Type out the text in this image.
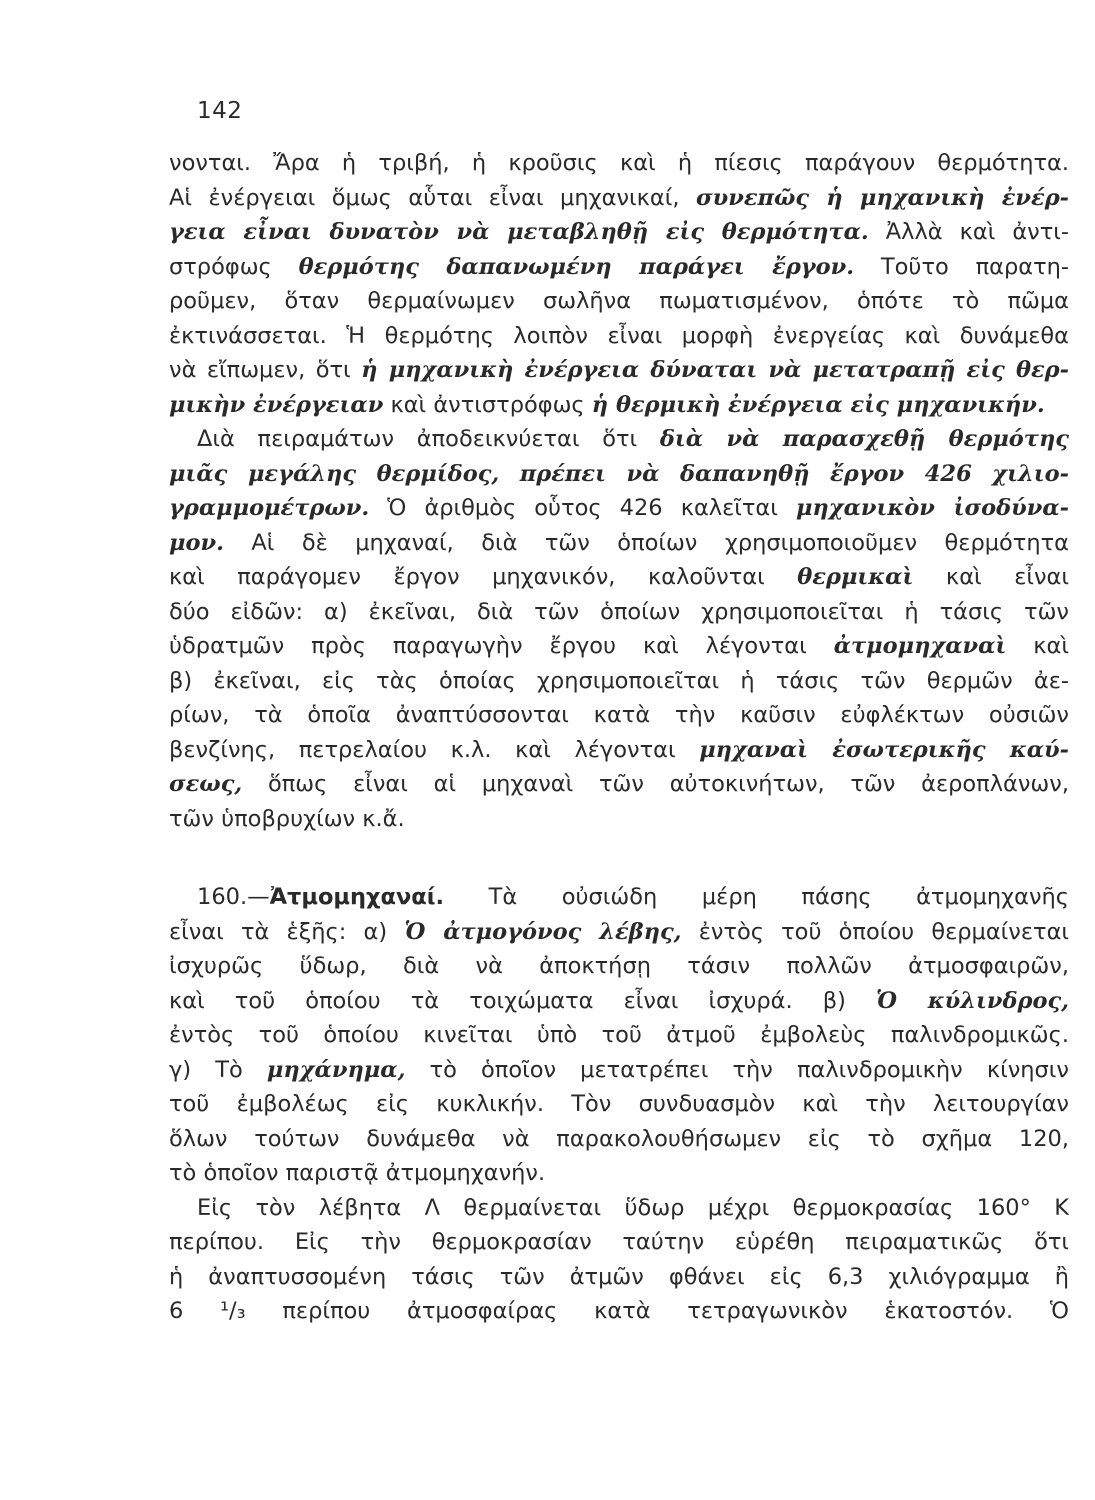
142
νονται. Ἄρα ἡ τριβή, ἡ κροῦσις καὶ ἡ πίεσις παράγουν θερμότητα.
Αἱ ἐνέργειαι ὅμως αὗται εἶναι μηχανικαί, συνεπῶς ἡ μηχανικὴ ἐνέρ-
γεια εἶναι δυνατὸν νὰ μεταβληθῇ εἰς θερμότητα. Ἀλλὰ καὶ ἀντι-
στρόφως θερμότης δαπανωμένη παράγει ἔργον. Τοῦτο παρατη-
ροῦμεν, ὅταν θερμαίνωμεν σωλῆνα πωματισμένον, ὁπότε τὸ πῶμα
ἐκτινάσσεται. Ἡ θερμότης λοιπὸν εἶναι μορφὴ ἐνεργείας καὶ δυνάμεθα
νὰ εἴπωμεν, ὅτι ἡ μηχανικὴ ἐνέργεια δύναται νὰ μετατραπῇ εἰς θερ-
μικὴν ἐνέργειαν καὶ ἀντιστρόφως ἡ θερμικὴ ἐνέργεια εἰς μηχανικήν.
Διὰ πειραμάτων ἀποδεικνύεται ὅτι διὰ νὰ παρασχεθῇ θερμότης
μιᾶς μεγάλης θερμίδος, πρέπει νὰ δαπανηθῇ ἔργον 426 χιλιο-
γραμμομέτρων. Ὁ ἀριθμὸς οὗτος 426 καλεῖται μηχανικὸν ἰσοδύνα-
μον. Αἱ δὲ μηχαναί, διὰ τῶν ὁποίων χρησιμοποιοῦμεν θερμότητα
καὶ παράγομεν ἔργον μηχανικόν, καλοῦνται θερμικαὶ καὶ εἶναι
δύο εἰδῶν: α) ἐκεῖναι, διὰ τῶν ὁποίων χρησιμοποιεῖται ἡ τάσις τῶν
ὑδρατμῶν πρὸς παραγωγὴν ἔργου καὶ λέγονται ἀτμομηχαναὶ καὶ
β) ἐκεῖναι, εἰς τὰς ὁποίας χρησιμοποιεῖται ἡ τάσις τῶν θερμῶν ἀε-
ρίων, τὰ ὁποῖα ἀναπτύσσονται κατὰ τὴν καῦσιν εὐφλέκτων οὐσιῶν
βενζίνης, πετρελαίου κ.λ. καὶ λέγονται μηχαναὶ ἐσωτερικῆς καύ-
σεως, ὅπως εἶναι αἱ μηχαναὶ τῶν αὐτοκινήτων, τῶν ἀεροπλάνων,
τῶν ὑποβρυχίων κ.ἄ.
160.—Ἀτμομηχαναί. Τὰ οὐσιώδη μέρη πάσης ἀτμομηχανῆς
εἶναι τὰ ἑξῆς: α) Ὁ ἀτμογόνος λέβης, ἐντὸς τοῦ ὁποίου θερμαίνεται
ἰσχυρῶς ὕδωρ, διὰ νὰ ἀποκτήσῃ τάσιν πολλῶν ἀτμοσφαιρῶν,
καὶ τοῦ ὁποίου τὰ τοιχώματα εἶναι ἰσχυρά. β) Ὁ κύλινδρος,
ἐντὸς τοῦ ὁποίου κινεῖται ὑπὸ τοῦ ἀτμοῦ ἐμβολεὺς παλινδρομικῶς.
γ) Τὸ μηχάνημα, τὸ ὁποῖον μετατρέπει τὴν παλινδρομικὴν κίνησιν
τοῦ ἐμβολέως εἰς κυκλικήν. Τὸν συνδυασμὸν καὶ τὴν λειτουργίαν
ὅλων τούτων δυνάμεθα νὰ παρακολουθήσωμεν εἰς τὸ σχῆμα 120,
τὸ ὁποῖον παριστᾷ ἀτμομηχανήν.
Εἰς τὸν λέβητα Λ θερμαίνεται ὕδωρ μέχρι θερμοκρασίας 160° Κ
περίπου. Εἰς τὴν θερμοκρασίαν ταύτην εὑρέθη πειραματικῶς ὅτι
ἡ ἀναπτυσσομένη τάσις τῶν ἀτμῶν φθάνει εἰς 6,3 χιλιόγραμμα ἢ
6 ¹/₃ περίπου ἀτμοσφαίρας κατὰ τετραγωνικὸν ἑκατοστόν. Ὁ
